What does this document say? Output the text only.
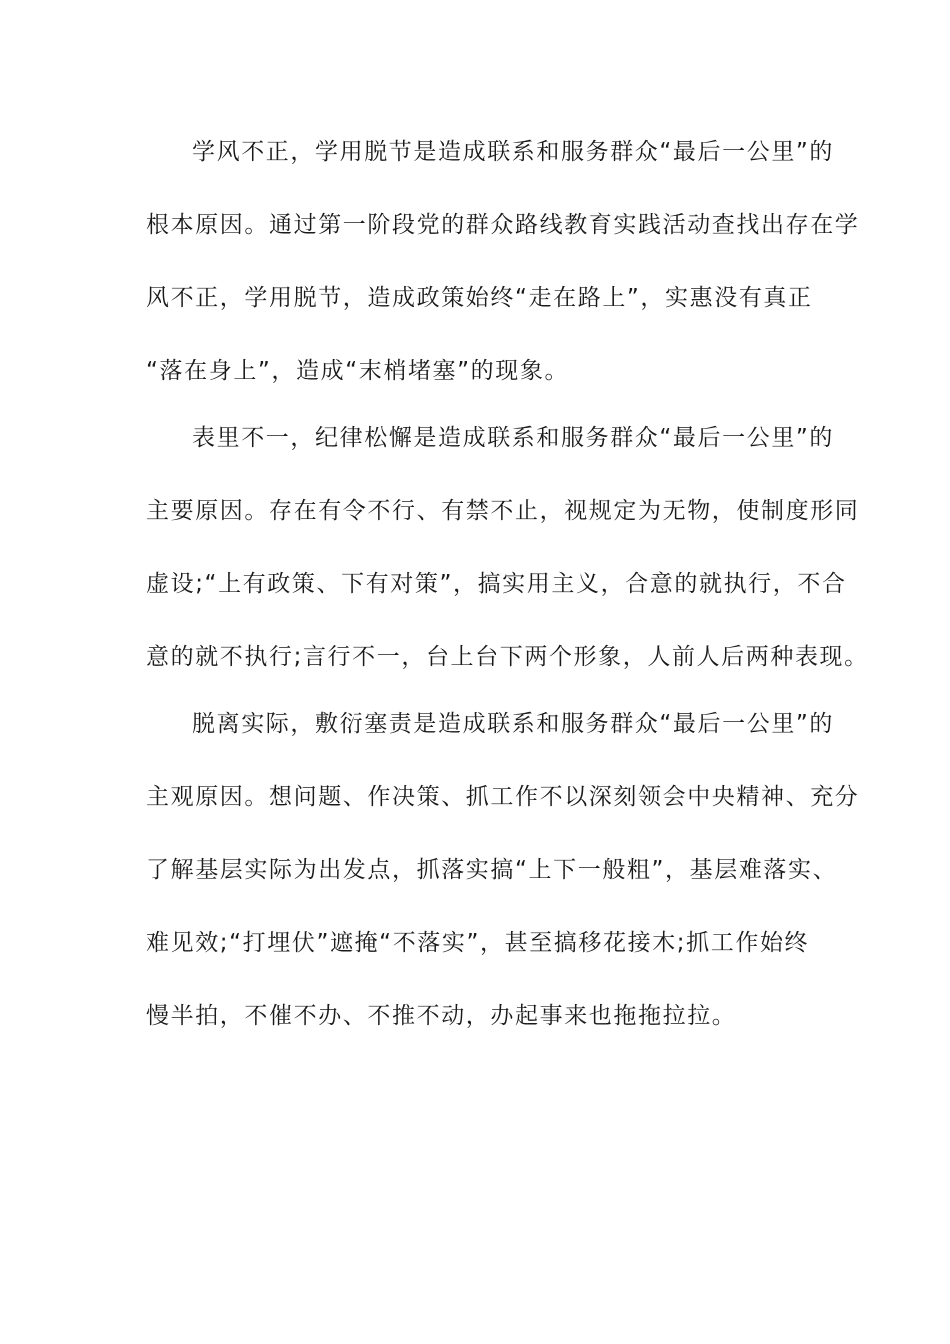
学风不正，学用脱节是造成联系和服务群众“最后一公里”的
根本原因。通过第一阶段党的群众路线教育实践活动查找出存在学
风不正，学用脱节，造成政策始终“走在路上”，实惠没有真正
“落在身上”，造成“末梢堵塞”的现象。
表里不一，纪律松懈是造成联系和服务群众“最后一公里”的
主要原因。存在有令不行、有禁不止，视规定为无物，使制度形同
虚设;“上有政策、下有对策”，搞实用主义，合意的就执行，不合
意的就不执行;言行不一，台上台下两个形象，人前人后两种表现。
脱离实际，敷衍塞责是造成联系和服务群众“最后一公里”的
主观原因。想问题、作决策、抓工作不以深刻领会中央精神、充分
了解基层实际为出发点，抓落实搞“上下一般粗”，基层难落实、
难见效;“打埋伏”遮掩“不落实”，甚至搞移花接木;抓工作始终
慢半拍，不催不办、不推不动，办起事来也拖拖拉拉。
